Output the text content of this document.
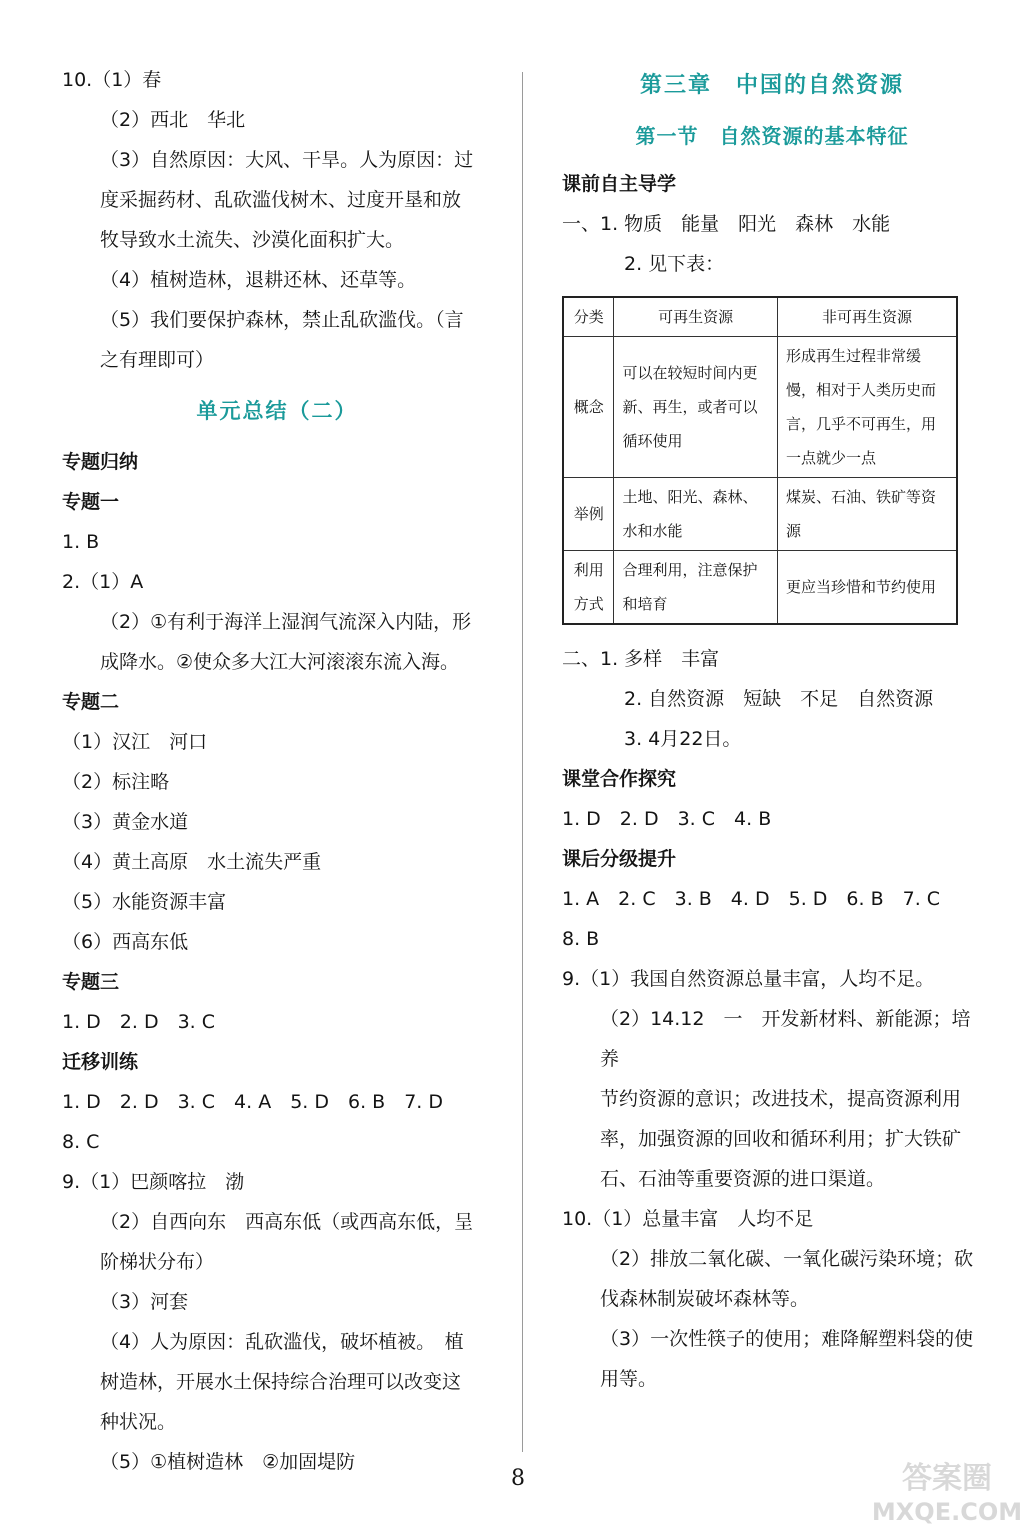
10.（1）春
（2）西北　华北
（3）自然原因：大风、干旱。人为原因：过
度采掘药材、乱砍滥伐树木、过度开垦和放
牧导致水土流失、沙漠化面积扩大。
（4）植树造林，退耕还林、还草等。
（5）我们要保护森林，禁止乱砍滥伐。（言
之有理即可）
单元总结（二）
专题归纳
专题一
1. B
2.（1）A
（2）①有利于海洋上湿润气流深入内陆，形
成降水。②使众多大江大河滚滚东流入海。
专题二
（1）汉江　河口
（2）标注略
（3）黄金水道
（4）黄土高原　水土流失严重
（5）水能资源丰富
（6）西高东低
专题三
1. D　2. D　3. C
迁移训练
1. D　2. D　3. C　4. A　5. D　6. B　7. D
8. C
9.（1）巴颜喀拉　渤
（2）自西向东　西高东低（或西高东低，呈
阶梯状分布）
（3）河套
（4）人为原因：乱砍滥伐，破坏植被。　植
树造林，开展水土保持综合治理可以改变这
种状况。
（5）①植树造林　②加固堤防
第三章　中国的自然资源
第一节　自然资源的基本特征
课前自主导学
一、1. 物质　能量　阳光　森林　水能
2. 见下表：
分类	可再生资源	非可再生资源
概念	可以在较短时间内更新、再生，或者可以循环使用	形成再生过程非常缓慢，相对于人类历史而言，几乎不可再生，用一点就少一点
举例	土地、阳光、森林、水和水能	煤炭、石油、铁矿等资源
利用方式	合理利用，注意保护和培育	更应当珍惜和节约使用
二、1. 多样　丰富
2. 自然资源　短缺　不足　自然资源
3. 4月22日。
课堂合作探究
1. D　2. D　3. C　4. B
课后分级提升
1. A　2. C　3. B　4. D　5. D　6. B　7. C
8. B
9.（1）我国自然资源总量丰富，人均不足。
（2）14.12　一　开发新材料、新能源；培养
节约资源的意识；改进技术，提高资源利用
率，加强资源的回收和循环利用；扩大铁矿
石、石油等重要资源的进口渠道。
10.（1）总量丰富　人均不足
（2）排放二氧化碳、一氧化碳污染环境；砍
伐森林制炭破坏森林等。
（3）一次性筷子的使用；难降解塑料袋的使
用等。
8	答案圈
MXQE.COM
